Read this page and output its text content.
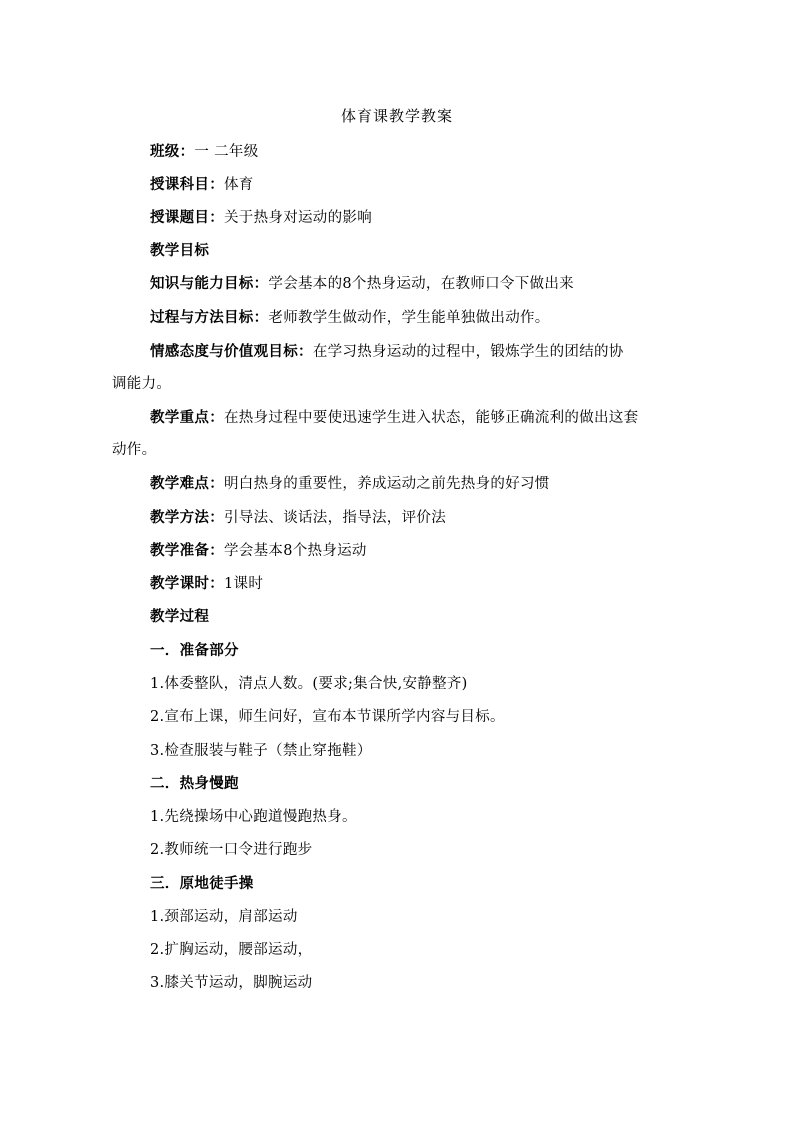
体育课教学教案
班级：一 二年级
授课科目：体育
授课题目：关于热身对运动的影响
教学目标
知识与能力目标：学会基本的8个热身运动，在教师口令下做出来
过程与方法目标：老师教学生做动作，学生能单独做出动作。
情感态度与价值观目标：在学习热身运动的过程中，锻炼学生的团结的协
调能力。
教学重点：在热身过程中要使迅速学生进入状态，能够正确流利的做出这套
动作。
教学难点：明白热身的重要性，养成运动之前先热身的好习惯
教学方法：引导法、谈话法，指导法，评价法
教学准备：学会基本8个热身运动
教学课时：1课时
教学过程
一．准备部分
1.体委整队，清点人数。(要求;集合快,安静整齐)
2.宣布上课，师生问好，宣布本节课所学内容与目标。
3.检查服装与鞋子（禁止穿拖鞋）
二．热身慢跑
1.先绕操场中心跑道慢跑热身。
2.教师统一口令进行跑步
三．原地徒手操
1.颈部运动，肩部运动
2.扩胸运动，腰部运动，
3.膝关节运动，脚腕运动
